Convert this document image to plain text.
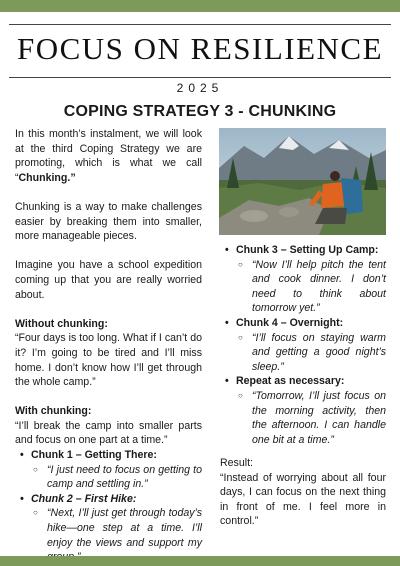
FOCUS ON RESILIENCE
2025
COPING STRATEGY 3 - CHUNKING

In this month’s instalment, we will look at the third Coping Strategy we are promoting, which is what we call “Chunking.”

Chunking is a way to make challenges easier by breaking them into smaller, more manageable pieces.

Imagine you have a school expedition coming up that you are really worried about.

Without chunking:

“Four days is too long. What if I can’t do it? I’m going to be tired and I’ll miss home. I don’t know how I’ll get through the whole camp.”

With chunking:

“I’ll break the camp into smaller parts and focus on one part at a time.”

• Chunk 1 – Getting There:
○ “I just need to focus on getting to camp and settling in.”
• Chunk 2 – First Hike:
○ “Next, I’ll just get through today’s hike—one step at a time. I’ll enjoy the views and support my
• Chunk 3 – Setting Up Camp:
○ “Now I’ll help pitch the tent and cook dinner. I don’t need to think about tomorrow yet.”
• Chunk 4 – Overnight:
○ “I’ll focus on staying warm and getting a good night’s sleep.”
• Repeat as necessary:
○ “Tomorrow, I’ll just focus on the morning activity, then the afternoon. I can handle one bit at a time.”

Result:

“Instead of worrying about all four days, I can focus on the next thing in front of me. I feel more in control.”
